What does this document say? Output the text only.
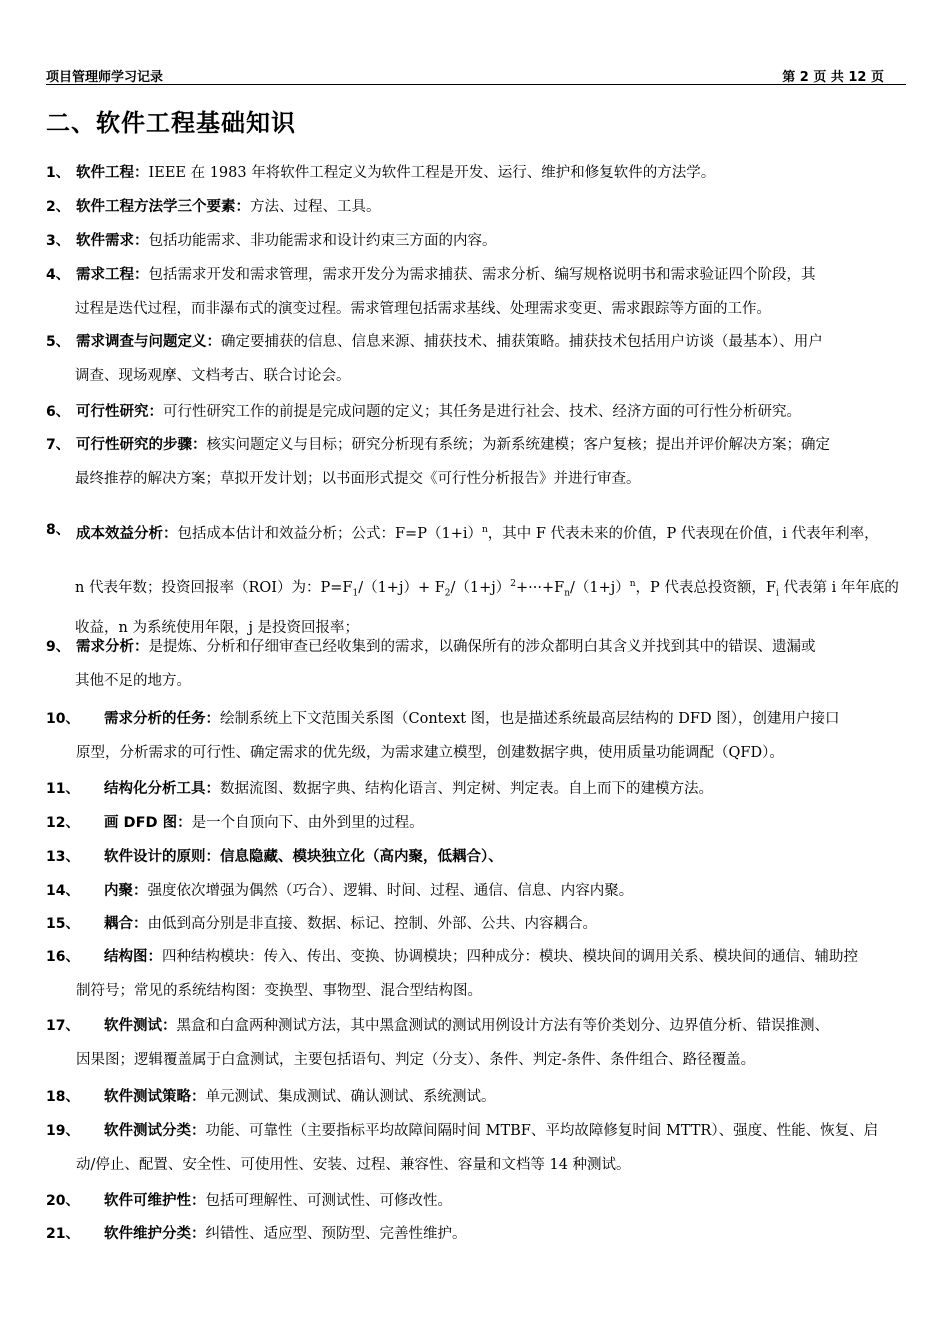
项目管理师学习记录	第 2 页 共 12 页
二、软件工程基础知识
1、 软件工程：IEEE 在 1983 年将软件工程定义为软件工程是开发、运行、维护和修复软件的方法学。
2、 软件工程方法学三个要素：方法、过程、工具。
3、 软件需求：包括功能需求、非功能需求和设计约束三方面的内容。
4、 需求工程：包括需求开发和需求管理，需求开发分为需求捕获、需求分析、编写规格说明书和需求验证四个阶段，其
过程是迭代过程，而非瀑布式的演变过程。需求管理包括需求基线、处理需求变更、需求跟踪等方面的工作。
5、 需求调查与问题定义：确定要捕获的信息、信息来源、捕获技术、捕获策略。捕获技术包括用户访谈（最基本）、用户
调查、现场观摩、文档考古、联合讨论会。
6、 可行性研究：可行性研究工作的前提是完成问题的定义；其任务是进行社会、技术、经济方面的可行性分析研究。
7、 可行性研究的步骤：核实问题定义与目标；研究分析现有系统；为新系统建模；客户复核；提出并评价解决方案；确定
最终推荐的解决方案；草拟开发计划；以书面形式提交《可行性分析报告》并进行审查。
8、 成本效益分析：包括成本估计和效益分析；公式：$F=P(1+i)^n$，其中 F 代表未来的价值，P 代表现在价值，i 代表年利率，
n 代表年数；投资回报率（ROI）为：$P=F_1/(1+j)+ F_2/(1+j)^2+\cdot\cdot\cdot+F_n/(1+j)^n$，P 代表总投资额，$F_i$ 代表第 i 年年底的
收益，n 为系统使用年限，j 是投资回报率；
9、 需求分析：是提炼、分析和仔细审查已经收集到的需求，以确保所有的涉众都明白其含义并找到其中的错误、遗漏或
其他不足的地方。
10、 需求分析的任务：绘制系统上下文范围关系图（Context 图，也是描述系统最高层结构的 DFD 图），创建用户接口
原型，分析需求的可行性、确定需求的优先级，为需求建立模型，创建数据字典，使用质量功能调配（QFD）。
11、 结构化分析工具：数据流图、数据字典、结构化语言、判定树、判定表。自上而下的建模方法。
12、 画 DFD 图：是一个自顶向下、由外到里的过程。
13、 软件设计的原则：信息隐藏、模块独立化（高内聚，低耦合）、
14、 内聚：强度依次增强为偶然（巧合）、逻辑、时间、过程、通信、信息、内容内聚。
15、 耦合：由低到高分别是非直接、数据、标记、控制、外部、公共、内容耦合。
16、 结构图：四种结构模块：传入、传出、变换、协调模块；四种成分：模块、模块间的调用关系、模块间的通信、辅助控
制符号；常见的系统结构图：变换型、事物型、混合型结构图。
17、 软件测试：黑盒和白盒两种测试方法，其中黑盒测试的测试用例设计方法有等价类划分、边界值分析、错误推测、
因果图；逻辑覆盖属于白盒测试，主要包括语句、判定（分支）、条件、判定-条件、条件组合、路径覆盖。
18、 软件测试策略：单元测试、集成测试、确认测试、系统测试。
19、 软件测试分类：功能、可靠性（主要指标平均故障间隔时间 MTBF、平均故障修复时间 MTTR）、强度、性能、恢复、启
动/停止、配置、安全性、可使用性、安装、过程、兼容性、容量和文档等 14 种测试。
20、 软件可维护性：包括可理解性、可测试性、可修改性。
21、 软件维护分类：纠错性、适应型、预防型、完善性维护。
